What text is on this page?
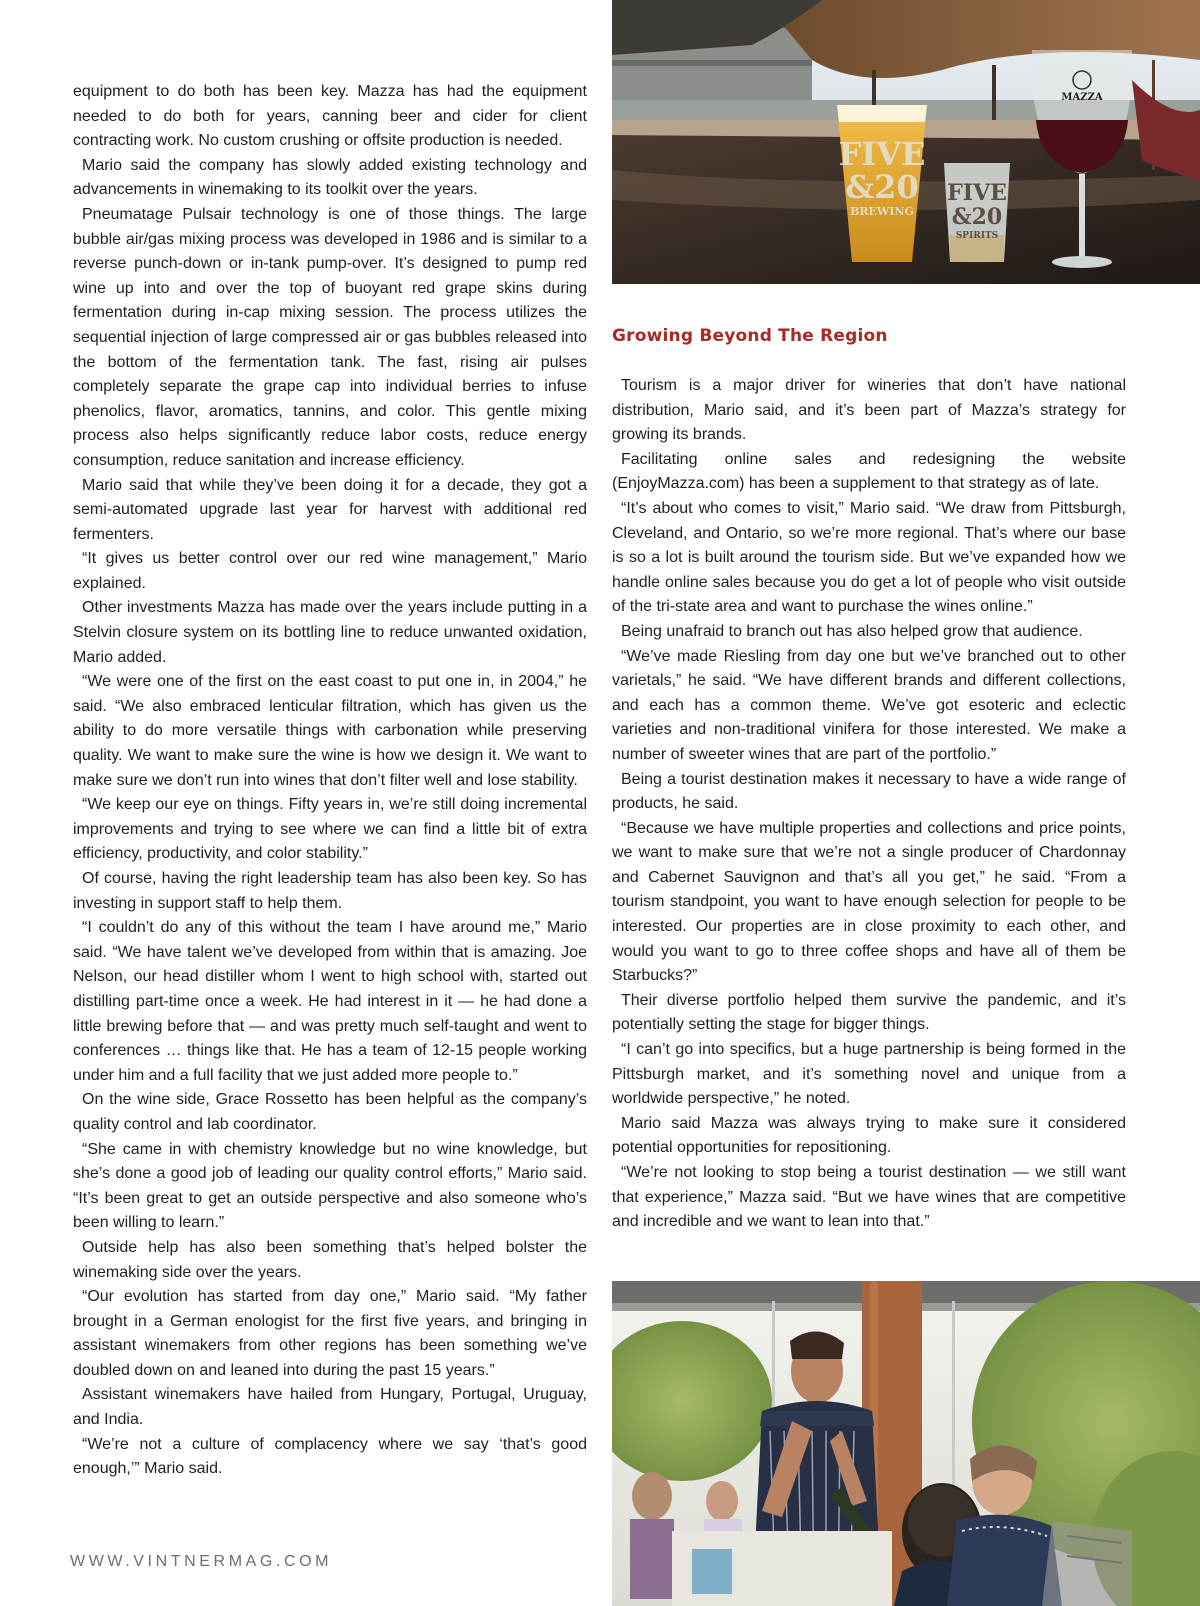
equipment to do both has been key. Mazza has had the equipment needed to do both for years, canning beer and cider for client contracting work. No custom crushing or offsite production is needed.

Mario said the company has slowly added existing technology and advancements in winemaking to its toolkit over the years.

Pneumatage Pulsair technology is one of those things. The large bubble air/gas mixing process was developed in 1986 and is similar to a reverse punch-down or in-tank pump-over. It’s designed to pump red wine up into and over the top of buoyant red grape skins during fermentation during in-cap mixing session. The process utilizes the sequential injection of large compressed air or gas bubbles released into the bottom of the fermentation tank. The fast, rising air pulses completely separate the grape cap into individual berries to infuse phenolics, flavor, aromatics, tannins, and color. This gentle mixing process also helps significantly reduce labor costs, reduce energy consumption, reduce sanitation and increase efficiency.

Mario said that while they’ve been doing it for a decade, they got a semi-automated upgrade last year for harvest with additional red fermenters.

“It gives us better control over our red wine management,” Mario explained.

Other investments Mazza has made over the years include putting in a Stelvin closure system on its bottling line to reduce unwanted oxidation, Mario added.

“We were one of the first on the east coast to put one in, in 2004,” he said. “We also embraced lenticular filtration, which has given us the ability to do more versatile things with carbonation while preserving quality. We want to make sure the wine is how we design it. We want to make sure we don’t run into wines that don’t filter well and lose stability.

“We keep our eye on things. Fifty years in, we’re still doing incremental improvements and trying to see where we can find a little bit of extra efficiency, productivity, and color stability.”

Of course, having the right leadership team has also been key. So has investing in support staff to help them.

“I couldn’t do any of this without the team I have around me,” Mario said. “We have talent we’ve developed from within that is amazing. Joe Nelson, our head distiller whom I went to high school with, started out distilling part-time once a week. He had interest in it — he had done a little brewing before that — and was pretty much self-taught and went to conferences … things like that. He has a team of 12-15 people working under him and a full facility that we just added more people to.”

On the wine side, Grace Rossetto has been helpful as the company’s quality control and lab coordinator.

“She came in with chemistry knowledge but no wine knowledge, but she’s done a good job of leading our quality control efforts,” Mario said. “It’s been great to get an outside perspective and also someone who’s been willing to learn.”

Outside help has also been something that’s helped bolster the winemaking side over the years.

“Our evolution has started from day one,” Mario said. “My father brought in a German enologist for the first five years, and bringing in assistant winemakers from other regions has been something we’ve doubled down on and leaned into during the past 15 years.”

Assistant winemakers have hailed from Hungary, Portugal, Uruguay, and India.

“We’re not a culture of complacency where we say ‘that’s good enough,’” Mario said.

FIVE
&20
BREWING
FIVE
&20
SPIRITS
MAZZA
Growing Beyond The Region

Tourism is a major driver for wineries that don’t have national distribution, Mario said, and it’s been part of Mazza’s strategy for growing its brands.

Facilitating online sales and redesigning the website (EnjoyMazza.com) has been a supplement to that strategy as of late.

“It’s about who comes to visit,” Mario said. “We draw from Pittsburgh, Cleveland, and Ontario, so we’re more regional. That’s where our base is so a lot is built around the tourism side. But we’ve expanded how we handle online sales because you do get a lot of people who visit outside of the tri-state area and want to purchase the wines online.”

Being unafraid to branch out has also helped grow that audience.

“We’ve made Riesling from day one but we’ve branched out to other varietals,” he said. “We have different brands and different collections, and each has a common theme. We’ve got esoteric and eclectic varieties and non-traditional vinifera for those interested. We make a number of sweeter wines that are part of the portfolio.”

Being a tourist destination makes it necessary to have a wide range of products, he said.

“Because we have multiple properties and collections and price points, we want to make sure that we’re not a single producer of Chardonnay and Cabernet Sauvignon and that’s all you get,” he said. “From a tourism standpoint, you want to have enough selection for people to be interested. Our properties are in close proximity to each other, and would you want to go to three coffee shops and have all of them be Starbucks?”

Their diverse portfolio helped them survive the pandemic, and it’s potentially setting the stage for bigger things.

“I can’t go into specifics, but a huge partnership is being formed in the Pittsburgh market, and it’s something novel and unique from a worldwide perspective,” he noted.

Mario said Mazza was always trying to make sure it considered potential opportunities for repositioning.

“We’re not looking to stop being a tourist destination — we still want that experience,” Mazza said. “But we have wines that are competitive and incredible and we want to lean into that.”

WWW.VINTNERMAG.COM
